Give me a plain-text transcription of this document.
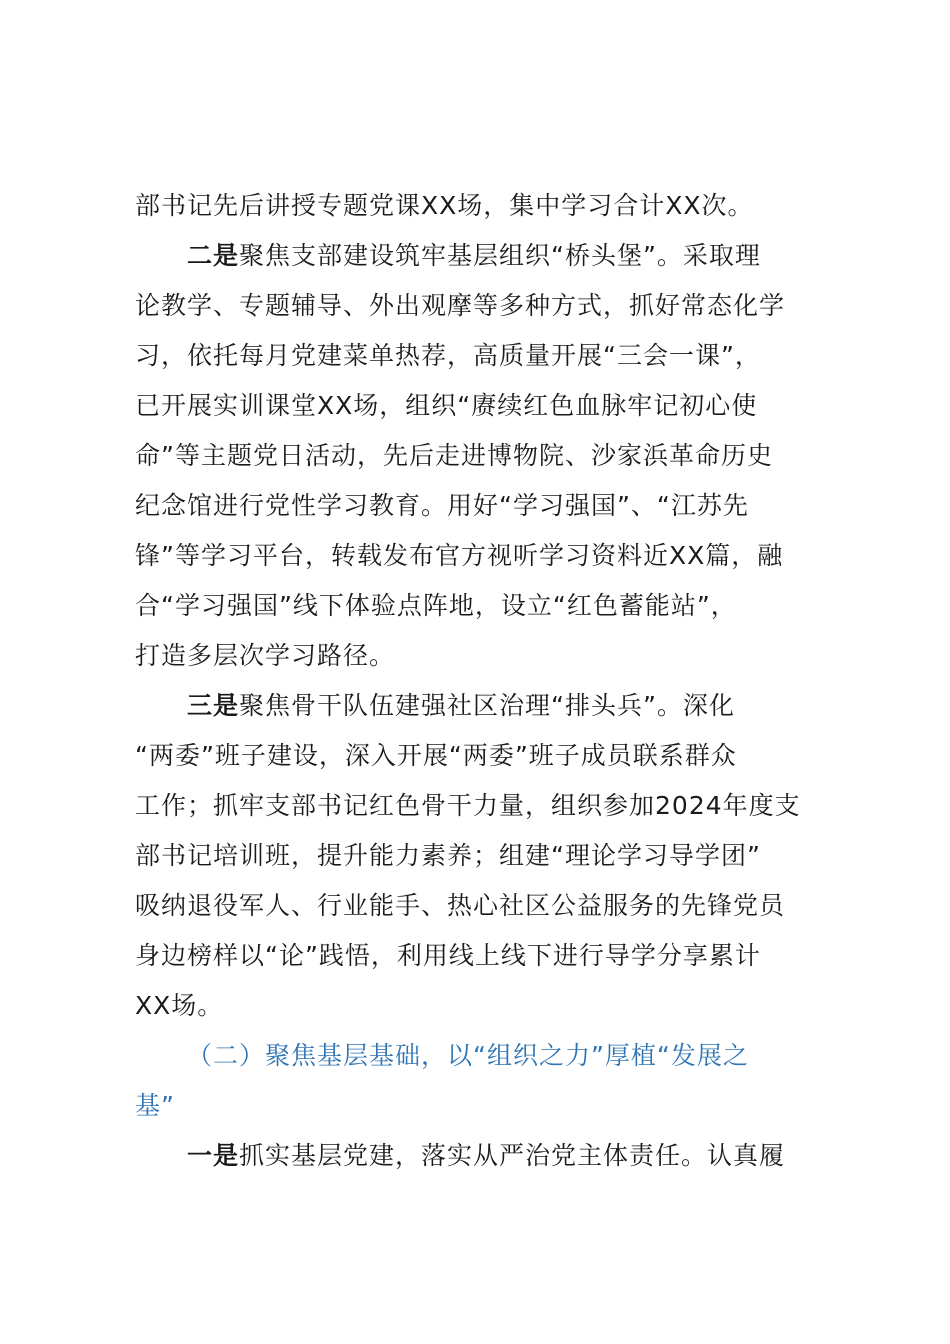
部书记先后讲授专题党课XX场，集中学习合计XX次。
二是聚焦支部建设筑牢基层组织“桥头堡”。采取理
论教学、专题辅导、外出观摩等多种方式，抓好常态化学
习，依托每月党建菜单热荐，高质量开展“三会一课”，
已开展实训课堂XX场，组织“赓续红色血脉牢记初心使
命”等主题党日活动，先后走进博物院、沙家浜革命历史
纪念馆进行党性学习教育。用好“学习强国”、“江苏先
锋”等学习平台，转载发布官方视听学习资料近XX篇，融
合“学习强国”线下体验点阵地，设立“红色蓄能站”，
打造多层次学习路径。
三是聚焦骨干队伍建强社区治理“排头兵”。深化
“两委”班子建设，深入开展“两委”班子成员联系群众
工作；抓牢支部书记红色骨干力量，组织参加2024年度支
部书记培训班，提升能力素养；组建“理论学习导学团”
吸纳退役军人、行业能手、热心社区公益服务的先锋党员
身边榜样以“论”践悟，利用线上线下进行导学分享累计
XX场。
（二）聚焦基层基础，以“组织之力”厚植“发展之
基”
一是抓实基层党建，落实从严治党主体责任。认真履
